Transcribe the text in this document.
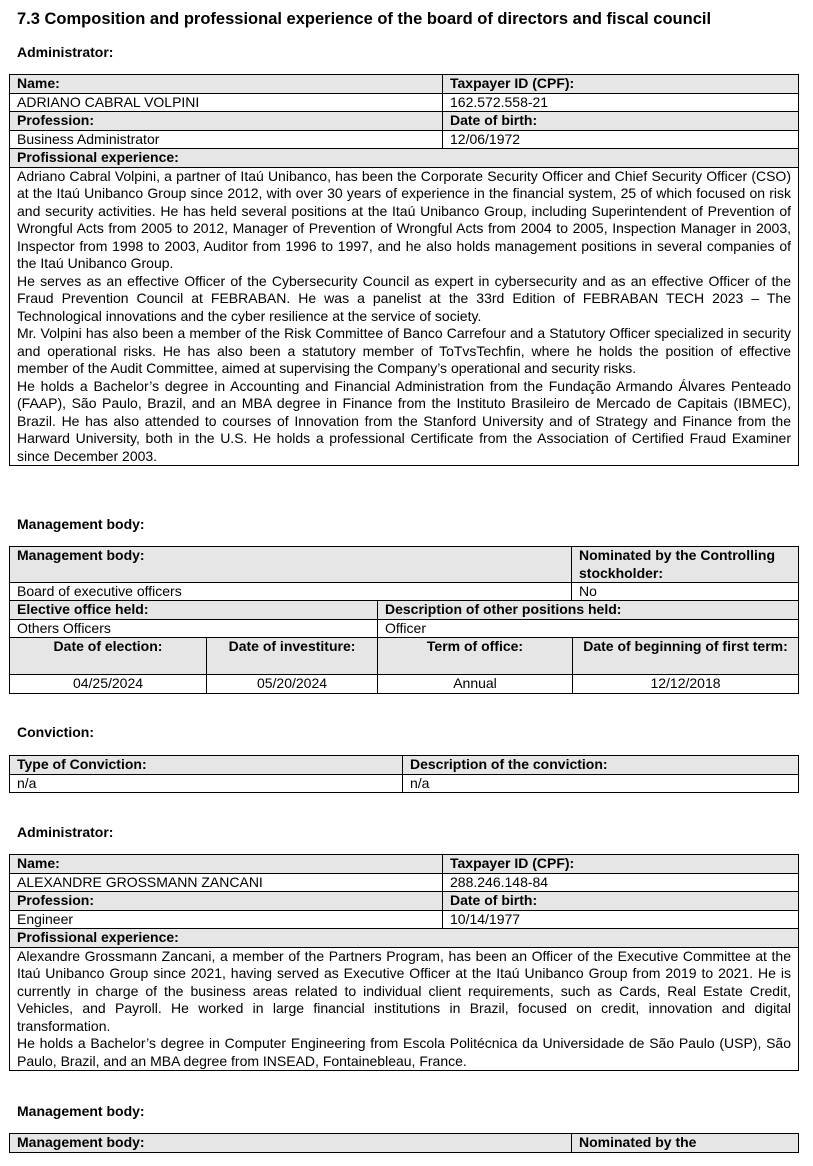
7.3 Composition and professional experience of the board of directors and fiscal council
Administrator:
Name:	Taxpayer ID (CPF):
ADRIANO CABRAL VOLPINI	162.572.558-21
Profession:	Date of birth:
Business Administrator	12/06/1972
Profissional experience:	

Adriano Cabral Volpini, a partner of Itaú Unibanco, has been the Corporate Security Officer and Chief Security Officer (CSO) at the Itaú Unibanco Group since 2012, with over 30 years of experience in the financial system, 25 of which focused on risk and security activities. He has held several positions at the Itaú Unibanco Group, including Superintendent of Prevention of Wrongful Acts from 2005 to 2012, Manager of Prevention of Wrongful Acts from 2004 to 2005, Inspection Manager in 2003, Inspector from 1998 to 2003, Auditor from 1996 to 1997, and he also holds management positions in several companies of the Itaú Unibanco Group.

He serves as an effective Officer of the Cybersecurity Council as expert in cybersecurity and as an effective Officer of the Fraud Prevention Council at FEBRABAN. He was a panelist at the 33rd Edition of FEBRABAN TECH 2023 – The Technological innovations and the cyber resilience at the service of society.

Mr. Volpini has also been a member of the Risk Committee of Banco Carrefour and a Statutory Officer specialized in security and operational risks. He has also been a statutory member of ToTvsTechfin, where he holds the position of effective member of the Audit Committee, aimed at supervising the Company’s operational and security risks.

He holds a Bachelor’s degree in Accounting and Financial Administration from the Fundação Armando Álvares Penteado (FAAP), São Paulo, Brazil, and an MBA degree in Finance from the Instituto Brasileiro de Mercado de Capitais (IBMEC), Brazil. He has also attended to courses of Innovation from the Stanford University and of Strategy and Finance from the Harward University, both in the U.S. He holds a professional Certificate from the Association of Certified Fraud Examiner since December 2003.	

Management body:
Management body:	Nominated by the Controlling stockholder:
Board of executive officers	No
Elective office held:	Description of other positions held:
Others Officers	Officer
Date of election:	Date of investiture:	Term of office:	Date of beginning of first term:
04/25/2024	05/20/2024	Annual	12/12/2018
Conviction:
Type of Conviction:	Description of the conviction:
n/a	n/a
Administrator:
Name:	Taxpayer ID (CPF):
ALEXANDRE GROSSMANN ZANCANI	288.246.148-84
Profession:	Date of birth:
Engineer	10/14/1977
Profissional experience:	

Alexandre Grossmann Zancani, a member of the Partners Program, has been an Officer of the Executive Committee at the Itaú Unibanco Group since 2021, having served as Executive Officer at the Itaú Unibanco Group from 2019 to 2021. He is currently in charge of the business areas related to individual client requirements, such as Cards, Real Estate Credit, Vehicles, and Payroll. He worked in large financial institutions in Brazil, focused on credit, innovation and digital transformation.

He holds a Bachelor’s degree in Computer Engineering from Escola Politécnica da Universidade de São Paulo (USP), São Paulo, Brazil, and an MBA degree from INSEAD, Fontainebleau, France.	

Management body:
Management body:	Nominated by the
